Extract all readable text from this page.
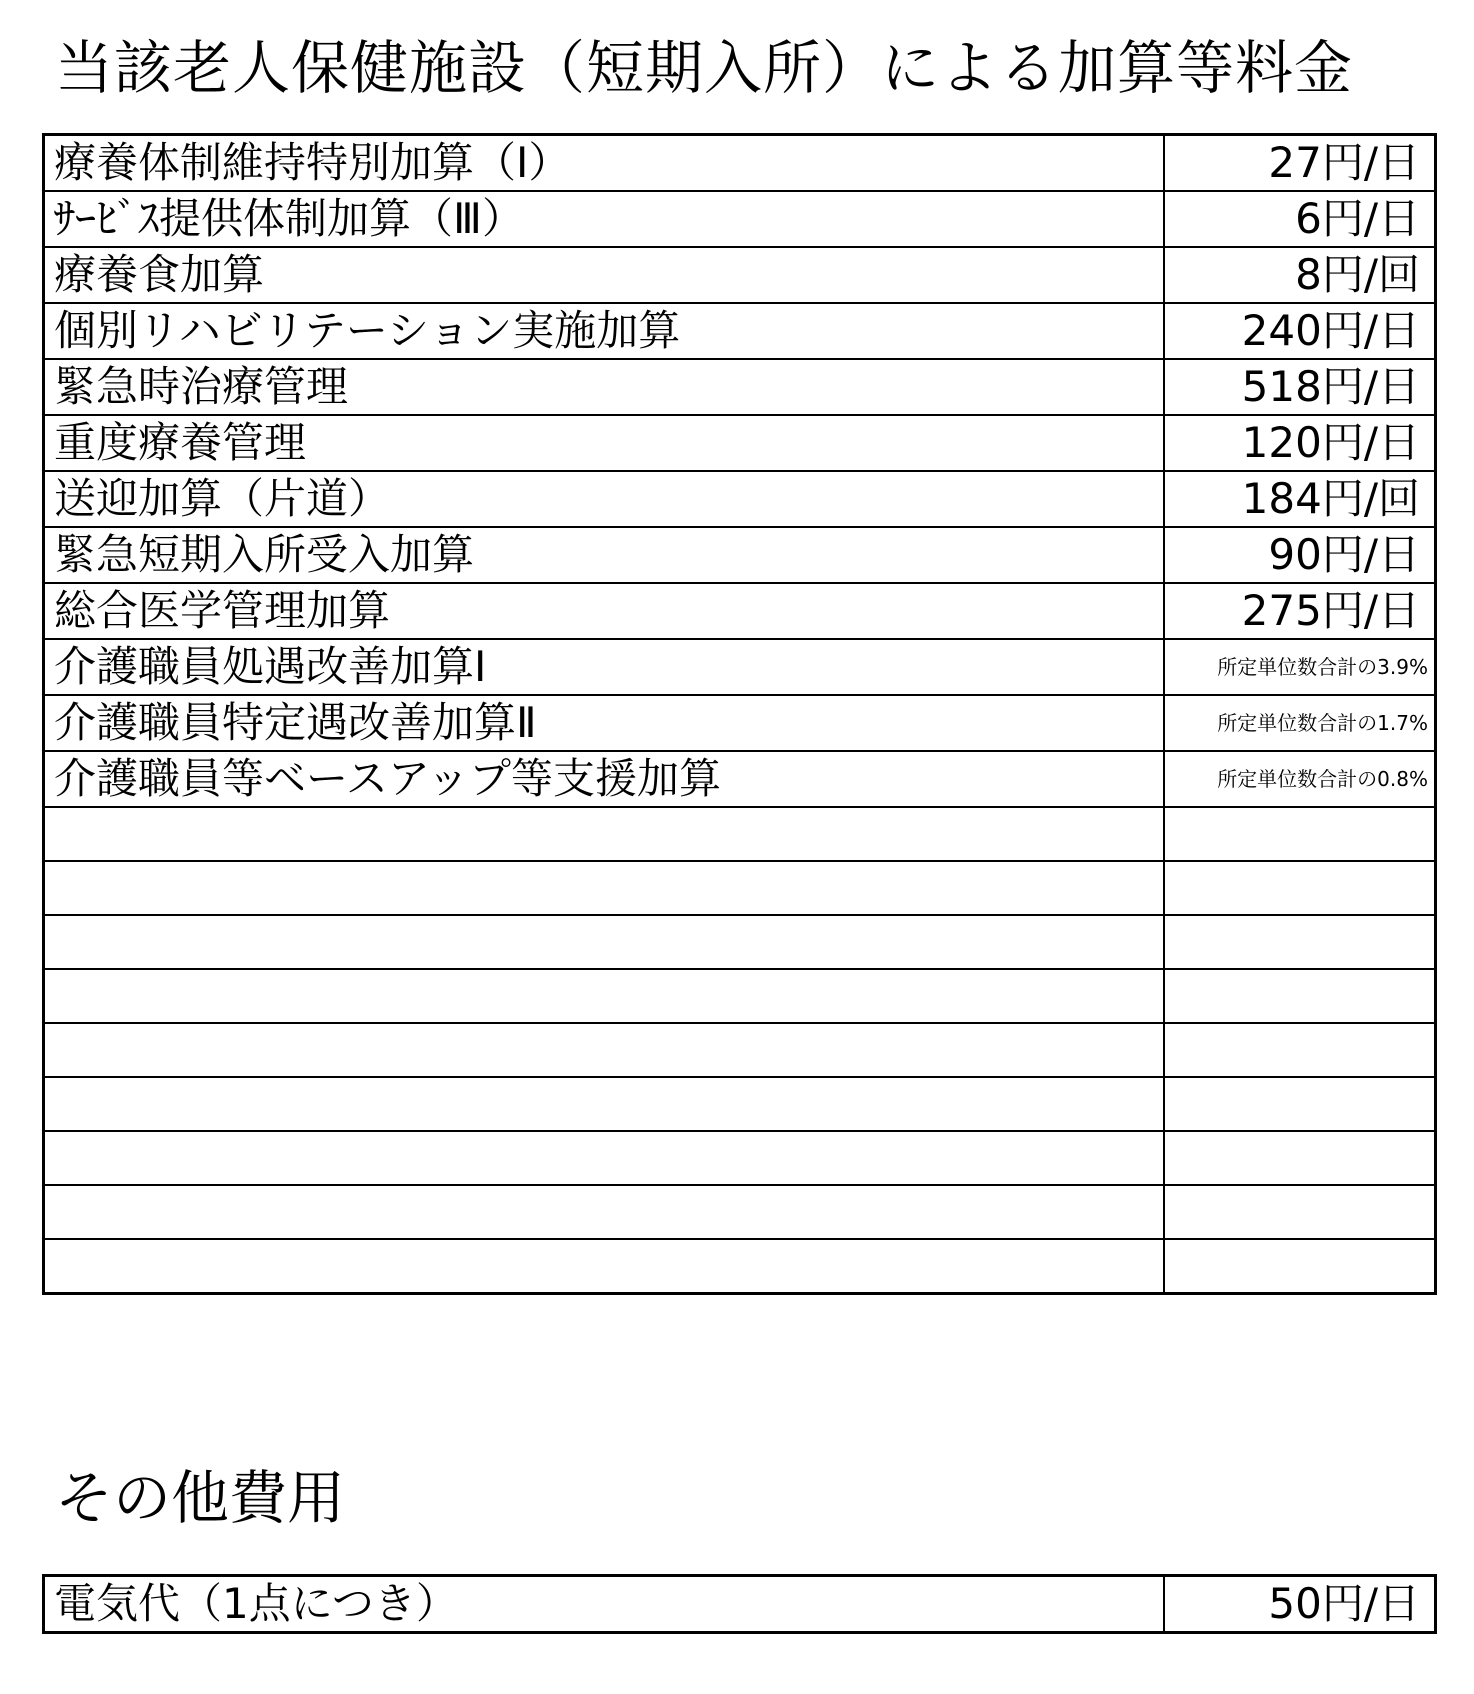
当該老人保健施設（短期入所）による加算等料金
療養体制維持特別加算（Ⅰ）	27円/日
ｻｰﾋﾞｽ提供体制加算（Ⅲ）	6円/日
療養食加算	8円/回
個別リハビリテーション実施加算	240円/日
緊急時治療管理	518円/日
重度療養管理	120円/日
送迎加算（片道）	184円/回
緊急短期入所受入加算	90円/日
総合医学管理加算	275円/日
介護職員処遇改善加算Ⅰ	所定単位数合計の3.9%
介護職員特定遇改善加算Ⅱ	所定単位数合計の1.7%
介護職員等ベースアップ等支援加算	所定単位数合計の0.8%

その他費用
電気代（1点につき）	50円/日
